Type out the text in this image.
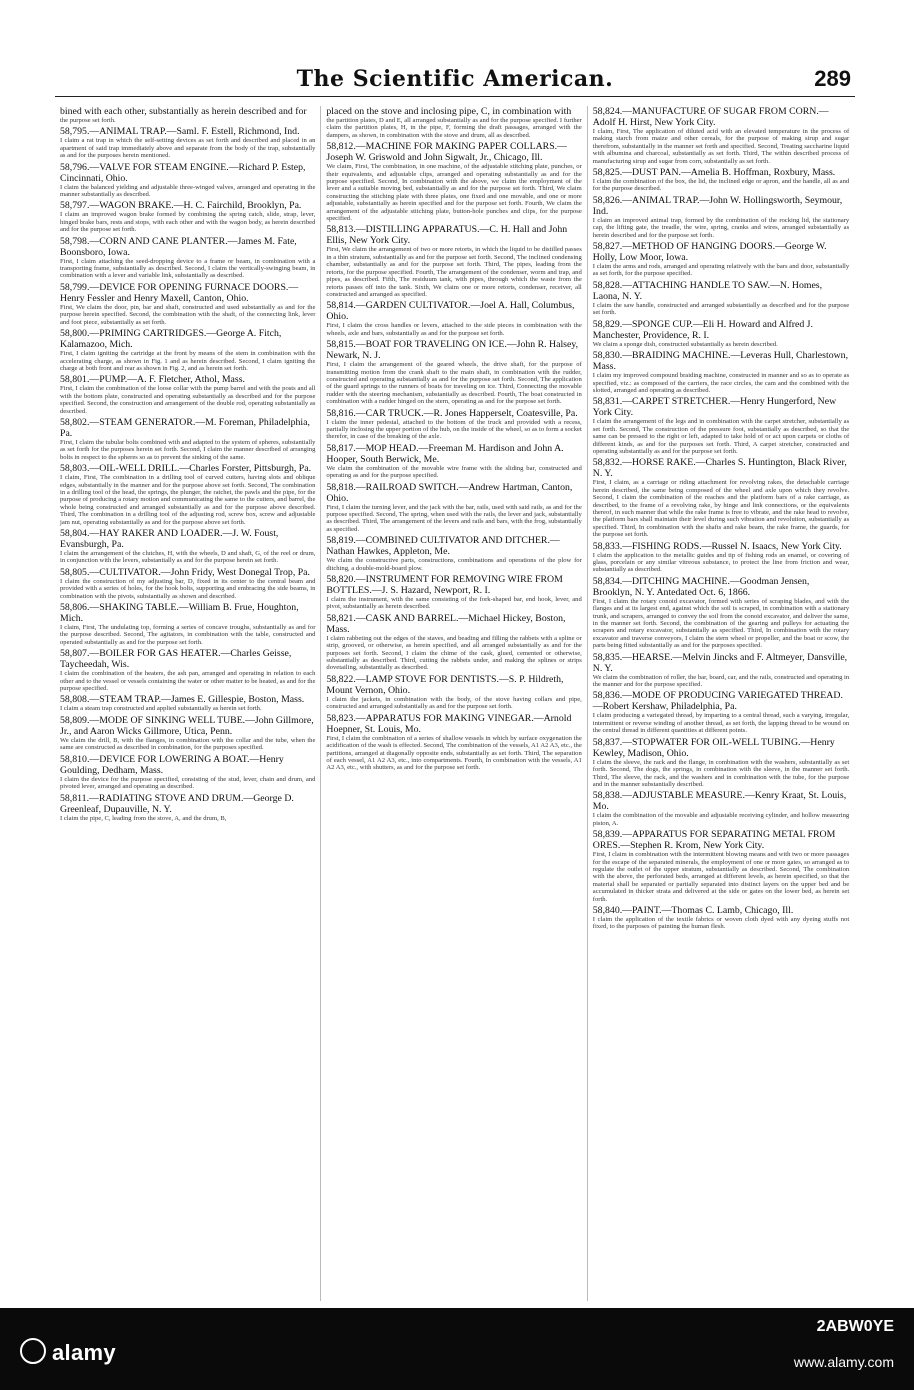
The Scientific American.	289

bined with each other, substantially as herein described and for

the purpose set forth.

58,795.—ANIMAL TRAP.—Saml. F. Estell, Richmond, Ind.

I claim a rat trap in which the self-setting devices as set forth and described and placed in an apartment of said trap immediately above and separate from the body of the trap, substantially as and for the purposes herein mentioned.

58,796.—VALVE FOR STEAM ENGINE.—Richard P. Estep, Cincinnati, Ohio.

I claim the balanced yielding and adjustable three-winged valves, arranged and operating in the manner substantially as described.

58,797.—WAGON BRAKE.—H. C. Fairchild, Brooklyn, Pa.

I claim an improved wagon brake formed by combining the spring catch, slide, strap, lever, hinged brake bars, rests and stops, with each other and with the wagon body, as herein described and for the purpose set forth.

58,798.—CORN AND CANE PLANTER.—James M. Fate, Boonsboro, Iowa.

First, I claim attaching the seed-dropping device to a frame or beam, in combination with a transporting frame, substantially as described. Second, I claim the vertically-swinging beam, in combination with a lever and variable link, substantially as described.

58,799.—DEVICE FOR OPENING FURNACE DOORS.—Henry Fessler and Henry Maxell, Canton, Ohio.

First, We claim the door, pin, bar and shaft, constructed and used substantially as and for the purpose herein specified. Second, the combination with the shaft, of the connecting link, lever and foot piece, substantially as set forth.

58,800.—PRIMING CARTRIDGES.—George A. Fitch, Kalamazoo, Mich.

First, I claim igniting the cartridge at the front by means of the stem in combination with the accelerating charge, as shown in Fig. 1 and as herein described. Second, I claim igniting the charge at both front and rear as shown in Fig. 2, and as herein set forth.

58,801.—PUMP.—A. F. Fletcher, Athol, Mass.

First, I claim the combination of the loose collar with the pump barrel and with the posts and all with the bottom plate, constructed and operating substantially as described and for the purpose specified. Second, the construction and arrangement of the double rod, operating substantially as described.

58,802.—STEAM GENERATOR.—M. Foreman, Philadelphia, Pa.

First, I claim the tubular bolts combined with and adapted to the system of spheres, substantially as set forth for the purposes herein set forth. Second, I claim the manner described of arranging bolts in respect to the spheres so as to prevent the sinking of the same.

58,803.—OIL-WELL DRILL.—Charles Forster, Pittsburgh, Pa.

I claim, First, The combination in a drilling tool of curved cutters, having slots and oblique edges, substantially in the manner and for the purpose above set forth. Second, The combination in a drilling tool of the head, the springs, the plunger, the ratchet, the pawls and the pipe, for the purpose of producing a rotary motion and communicating the same to the cutters, and barrel, the whole being constructed and arranged substantially as and for the purpose above described. Third, The combination in a drilling tool of the adjusting rod, screw box, screw and adjustable jam nut, operating substantially as and for the purpose above set forth.

58,804.—HAY RAKER AND LOADER.—J. W. Foust, Evansburgh, Pa.

I claim the arrangement of the clutches, H, with the wheels, D and shaft, G, of the reel or drum, in conjunction with the levers, substantially as and for the purpose herein set forth.

58,805.—CULTIVATOR.—John Fridy, West Donegal Trop, Pa.

I claim the construction of my adjusting bar, D, fixed in its center to the central beam and provided with a series of holes, for the hook bolts, supporting and embracing the side beams, in combination with the pivots, substantially as shown and described.

58,806.—SHAKING TABLE.—William B. Frue, Houghton, Mich.

I claim, First, The undulating top, forming a series of concave troughs, substantially as and for the purpose described. Second, The agitators, in combination with the table, constructed and operated substantially as and for the purpose set forth.

58,807.—BOILER FOR GAS HEATER.—Charles Geisse, Taycheedah, Wis.

I claim the combination of the heaters, the ash pan, arranged and operating in relation to each other and to the vessel or vessels containing the water or other matter to be heated, as and for the purpose specified.

58,808.—STEAM TRAP.—James E. Gillespie, Boston, Mass.

I claim a steam trap constructed and applied substantially as herein set forth.

58,809.—MODE OF SINKING WELL TUBE.—John Gillmore, Jr., and Aaron Wicks Gillmore, Utica, Penn.

We claim the drill, B, with the flanges, in combination with the collar and the tube, when the same are constructed as described in combination, for the purposes specified.

58,810.—DEVICE FOR LOWERING A BOAT.—Henry Goulding, Dedham, Mass.

I claim the device for the purpose specified, consisting of the stud, lever, chain and drum, and pivoted lever, arranged and operating as described.

58,811.—RADIATING STOVE AND DRUM.—George D. Greenleaf, Dupauville, N. Y.

I claim the pipe, C, leading from the stove, A, and the drum, B,

placed on the stove and inclosing pipe, C, in combination with

the partition plates, D and E, all arranged substantially as and for the purpose specified. I further claim the partition plates, H, in the pipe, F, forming the draft passages, arranged with the dampers, as shown, in combination with the stove and drum, all as described.

58,812.—MACHINE FOR MAKING PAPER COLLARS.—Joseph W. Griswold and John Sigwalt, Jr., Chicago, Ill.

We claim, First, The combination, in one machine, of the adjustable stitching plate, punches, or their equivalents, and adjustable clips, arranged and operating substantially as and for the purpose specified. Second, In combination with the above, we claim the employment of the lever and a suitable moving bed, substantially as and for the purpose set forth. Third, We claim constructing the stitching plate with three plates, one fixed and one movable, and one or more adjustable, substantially as herein specified and for the purpose set forth. Fourth, We claim the arrangement of the adjustable stitching plate, button-hole punches and clips, for the purpose specified.

58,813.—DISTILLING APPARATUS.—C. H. Hall and John Ellis, New York City.

First, We claim the arrangement of two or more retorts, in which the liquid to be distilled passes in a thin stratum, substantially as and for the purpose set forth. Second, The inclined condensing chamber, substantially as and for the purpose set forth. Third, The pipes, leading from the retorts, for the purpose specified. Fourth, The arrangement of the condenser, worm and trap, and pipes, as described. Fifth, The residuum tank, with pipes, through which the waste from the retorts passes off into the tank. Sixth, We claim one or more retorts, condenser, receiver, all constructed and arranged as specified.

58,814.—GARDEN CULTIVATOR.—Joel A. Hall, Columbus, Ohio.

First, I claim the cross handles or levers, attached to the side pieces in combination with the wheels, axle and bars, substantially as and for the purpose set forth.

58,815.—BOAT FOR TRAVELING ON ICE.—John R. Halsey, Newark, N. J.

First, I claim the arrangement of the geared wheels, the drive shaft, for the purpose of transmitting motion from the crank shaft to the main shaft, in combination with the rudder, constructed and operating substantially as and for the purpose set forth. Second, The application of the guard springs to the runners of boats for traveling on ice. Third, Connecting the movable rudder with the steering mechanism, substantially as described. Fourth, The boat constructed in combination with a rudder hinged on the stern, operating as and for the purpose set forth.

58,816.—CAR TRUCK.—R. Jones Happerselt, Coatesville, Pa.

I claim the inner pedestal, attached to the bottom of the truck and provided with a recess, partially inclosing the upper portion of the hub, on the inside of the wheel, so as to form a socket therefor, in case of the breaking of the axle.

58,817.—MOP HEAD.—Freeman M. Hardison and John A. Hooper, South Berwick, Me.

We claim the combination of the movable wire frame with the sliding bar, constructed and operating as and for the purpose specified.

58,818.—RAILROAD SWITCH.—Andrew Hartman, Canton, Ohio.

First, I claim the turning lever, and the jack with the bar, rails, used with said rails, as and for the purpose specified. Second, The spring, when used with the rails, the lever and jack, substantially as described. Third, The arrangement of the levers and rails and bars, with the frog, substantially as specified.

58,819.—COMBINED CULTIVATOR AND DITCHER.—Nathan Hawkes, Appleton, Me.

We claim the constructive parts, constructions, combinations and operations of the plow for ditching, a double-mold-board plow.

58,820.—INSTRUMENT FOR REMOVING WIRE FROM BOTTLES.—J. S. Hazard, Newport, R. I.

I claim the instrument, with the same consisting of the fork-shaped bar, end hook, lever, and pivot, substantially as herein described.

58,821.—CASK AND BARREL.—Michael Hickey, Boston, Mass.

I claim rabbeting out the edges of the staves, and beading and filling the rabbets with a spline or strip, grooved, or otherwise, as herein specified, and all arranged substantially as and for the purposes set forth. Second, I claim the chime of the cask, glued, cemented or otherwise, substantially as described. Third, cutting the rabbets under, and making the splines or strips dovetailing, substantially as described.

58,822.—LAMP STOVE FOR DENTISTS.—S. P. Hildreth, Mount Vernon, Ohio.

I claim the jackets, in combination with the body, of the stove having collars and pipe, constructed and arranged substantially as and for the purpose set forth.

58,823.—APPARATUS FOR MAKING VINEGAR.—Arnold Hoepner, St. Louis, Mo.

First, I claim the combination of a series of shallow vessels in which by surface oxygenation the acidification of the wash is effected. Second, The combination of the vessels, A1 A2 A3, etc., the partitions, arranged at diagonally opposite ends, substantially as set forth. Third, The separation of each vessel, A1 A2 A3, etc., into compartments. Fourth, In combination with the vessels, A1 A2 A3, etc., with shutters, as and for the purpose set forth.

58,824.—MANUFACTURE OF SUGAR FROM CORN.—Adolf H. Hirst, New York City.

I claim, First, The application of diluted acid with an elevated temperature in the process of making starch from maize and other cereals, for the purpose of making sirup and sugar therefrom, substantially in the manner set forth and specified. Second, Treating saccharine liquid with albumina and charcoal, substantially as set forth. Third, The within described process of manufacturing sirup and sugar from corn, substantially as set forth.

58,825.—DUST PAN.—Amelia B. Hoffman, Roxbury, Mass.

I claim the combination of the box, the lid, the inclined edge or apron, and the handle, all as and for the purpose described.

58,826.—ANIMAL TRAP.—John W. Hollingsworth, Seymour, Ind.

I claim an improved animal trap, formed by the combination of the rocking lid, the stationary cap, the lifting gate, the treadle, the wire, spring, cranks and wires, arranged substantially as herein described and for the purpose set forth.

58,827.—METHOD OF HANGING DOORS.—George W. Holly, Low Moor, Iowa.

I claim the arms and rods, arranged and operating relatively with the bars and door, substantially as set forth, for the purpose specified.

58,828.—ATTACHING HANDLE TO SAW.—N. Homes, Laona, N. Y.

I claim the saw handle, constructed and arranged substantially as described and for the purpose set forth.

58,829.—SPONGE CUP.—Eli H. Howard and Alfred J. Manchester, Providence, R. I.

We claim a sponge dish, constructed substantially as herein described.

58,830.—BRAIDING MACHINE.—Leveras Hull, Charlestown, Mass.

I claim my improved compound braiding machine, constructed in manner and so as to operate as specified, viz.: as composed of the carriers, the race circles, the cam and the combined with the slotted, arranged and operating as described.

58,831.—CARPET STRETCHER.—Henry Hungerford, New York City.

I claim the arrangement of the legs and in combination with the carpet stretcher, substantially as set forth. Second, The construction of the pressure foot, substantially as described, so that the same can be pressed to the right or left, adapted to take hold of or act upon carpets or cloths of different kinds, as and for the purposes set forth. Third, A carpet stretcher, constructed and operating substantially as and for the purpose set forth.

58,832.—HORSE RAKE.—Charles S. Huntington, Black River, N. Y.

First, I claim, as a carriage or riding attachment for revolving rakes, the detachable carriage herein described, the same being composed of the wheel and axle upon which they revolve. Second, I claim the combination of the reaches and the platform bars of a rake carriage, as described, to the frame of a revolving rake, by hinge and link connections, or the equivalents thereof, in such manner that while the rake frame is free to vibrate, and the rake head to revolve, the platform bars shall maintain their level during such vibration and revolution, substantially as specified. Third, In combination with the shafts and rake beam, the rake frame, the guards, for the purpose set forth.

58,833.—FISHING RODS.—Russel N. Isaacs, New York City.

I claim the application to the metallic guides and tip of fishing rods an enamel, or covering of glass, porcelain or any similar vitreous substance, to protect the line from friction and wear, substantially as described.

58,834.—DITCHING MACHINE.—Goodman Jensen, Brooklyn, N. Y. Antedated Oct. 6, 1866.

First, I claim the rotary conoid excavator, formed with series of scraping blades, and with the flanges and at its largest end, against which the soil is scraped, in combination with a stationary trunk, and scrapers, arranged to convey the soil from the conoid excavator, and deliver the same, in the manner set forth. Second, the combination of the gearing and pulleys for actuating the scrapers and rotary excavator, substantially as specified. Third, In combination with the rotary excavator and traverse conveyors, I claim the stern wheel or propeller, and the boat or scow, the parts being fitted substantially as and for the purposes specified.

58,835.—HEARSE.—Melvin Jincks and F. Altmeyer, Dansville, N. Y.

We claim the combination of roller, the bar, board, car, and the rails, constructed and operating in the manner and for the purpose specified.

58,836.—MODE OF PRODUCING VARIEGATED THREAD.—Robert Kershaw, Philadelphia, Pa.

I claim producing a variegated thread, by imparting to a central thread, such a varying, irregular, intermittent or reverse winding of another thread, as set forth, the lapping thread to be wound on the central thread in different quantities at different points.

58,837.—STOPWATER FOR OIL-WELL TUBING.—Henry Kewley, Madison, Ohio.

I claim the sleeve, the rack and the flange, in combination with the washers, substantially as set forth. Second, The dogs, the springs, in combination with the sleeve, in the manner set forth. Third, The sleeve, the rack, and the washers and in combination with the tube, for the purpose and in the manner substantially described.

58,838.—ADJUSTABLE MEASURE.—Kenry Kraat, St. Louis, Mo.

I claim the combination of the movable and adjustable receiving cylinder, and hollow measuring piston, A.

58,839.—APPARATUS FOR SEPARATING METAL FROM ORES.—Stephen R. Krom, New York City.

First, I claim in combination with the intermittent blowing means and with two or more passages for the escape of the separated minerals, the employment of one or more gates, so arranged as to regulate the outlet of the upper stratum, substantially as described. Second, The combination with the above, the perforated beds, arranged at different levels, as herein specified, so that the material shall be separated or partially separated into distinct layers on the upper bed and be accumulated in thicker strata and delivered at the side or gates on the lower bed, as herein set forth.

58,840.—PAINT.—Thomas C. Lamb, Chicago, Ill.

I claim the application of the textile fabrics or woven cloth dyed with any dyeing stuffs not fixed, to the purposes of painting the human flesh.

alamy
2ABW0YE
www.alamy.com
